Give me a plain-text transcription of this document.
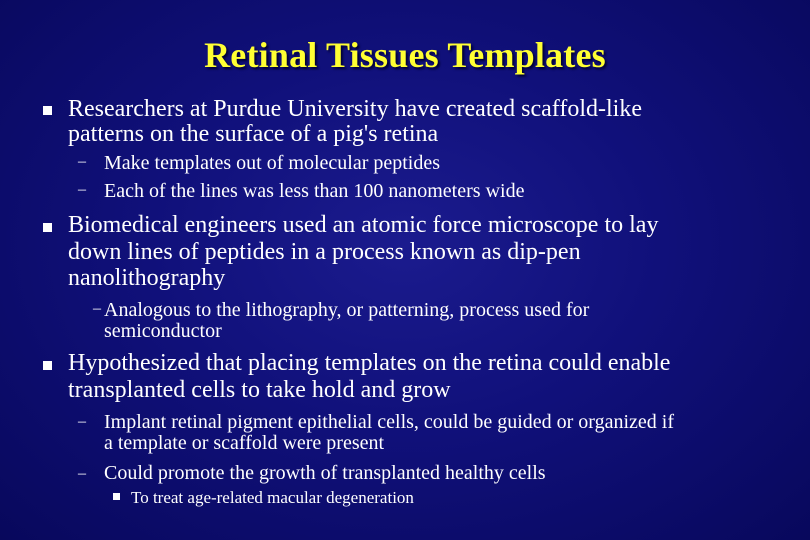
Retinal Tissues Templates
Researchers at Purdue University have created scaffold-like
patterns on the surface of a pig's retina
– Make templates out of molecular peptides
– Each of the lines was less than 100 nanometers wide
Biomedical engineers used an atomic force microscope to lay
down lines of peptides in a process known as dip-pen
nanolithography
– Analogous to the lithography, or patterning, process used for
semiconductor
Hypothesized that placing templates on the retina could enable
transplanted cells to take hold and grow
– Implant retinal pigment epithelial cells, could be guided or organized if
a template or scaffold were present
– Could promote the growth of transplanted healthy cells
To treat age-related macular degeneration
